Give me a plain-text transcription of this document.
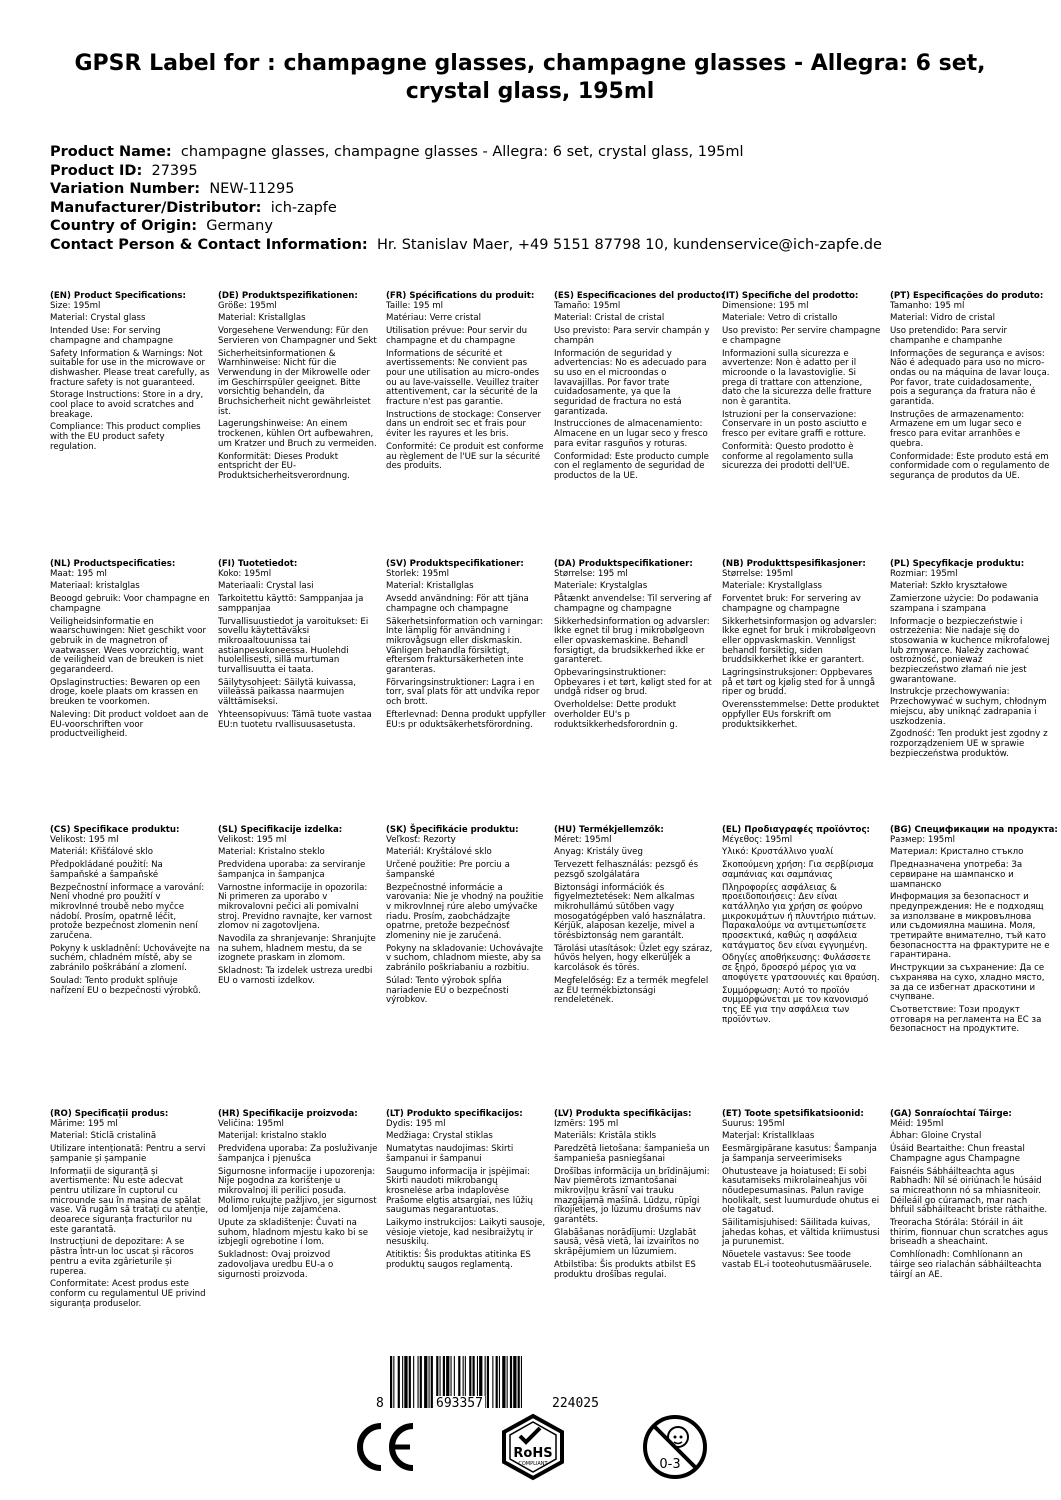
GPSR Label for : champagne glasses, champagne glasses - Allegra: 6 set, crystal glass, 195ml
Product Name: champagne glasses, champagne glasses - Allegra: 6 set, crystal glass, 195ml
Product ID: 27395
Variation Number: NEW-11295
Manufacturer/Distributor: ich-zapfe
Country of Origin: Germany
Contact Person & Contact Information: Hr. Stanislav Maer, +49 5151 87798 10, kundenservice@ich-zapfe.de
(EN) Product Specifications:
Size: 195ml
Material: Crystal glass
Intended Use: For serving champagne and champagne
Safety Information & Warnings: Not suitable for use in the microwave or dishwasher. Please treat carefully, as fracture safety is not guaranteed.
Storage Instructions: Store in a dry, cool place to avoid scratches and breakage.
Compliance: This product complies with the EU product safety regulation.
(DE) Produktspezifikationen:
Größe: 195ml
Material: Kristallglas
Vorgesehene Verwendung: Für den Servieren von Champagner und Sekt
Sicherheitsinformationen & Warnhinweise: Nicht für die Verwendung in der Mikrowelle oder im Geschirrspüler geeignet. Bitte vorsichtig behandeln, da Bruchsicherheit nicht gewährleistet ist.
Lagerungshinweise: An einem trockenen, kühlen Ort aufbewahren, um Kratzer und Bruch zu vermeiden.
Konformität: Dieses Produkt entspricht der EU-Produktsicherheitsverordnung.
(FR) Spécifications du produit:
Taille: 195 ml
Matériau: Verre cristal
Utilisation prévue: Pour servir du champagne et du champagne
Informations de sécurité et avertissements: Ne convient pas pour une utilisation au micro-ondes ou au lave-vaisselle. Veuillez traiter attentivement, car la sécurité de la fracture n'est pas garantie.
Instructions de stockage: Conserver dans un endroit sec et frais pour éviter les rayures et les bris.
Conformité: Ce produit est conforme au règlement de l'UE sur la sécurité des produits.
(ES) Especificaciones del producto:
Tamaño: 195ml
Material: Cristal de cristal
Uso previsto: Para servir champán y champán
Información de seguridad y advertencias: No es adecuado para su uso en el microondas o lavavajillas. Por favor trate cuidadosamente, ya que la seguridad de fractura no está garantizada.
Instrucciones de almacenamiento: Almacene en un lugar seco y fresco para evitar rasguños y roturas.
Conformidad: Este producto cumple con el reglamento de seguridad de productos de la UE.
(IT) Specifiche del prodotto:
Dimensione: 195 ml
Materiale: Vetro di cristallo
Uso previsto: Per servire champagne e champagne
Informazioni sulla sicurezza e avvertenze: Non è adatto per il microonde o la lavastoviglie. Si prega di trattare con attenzione, dato che la sicurezza delle fratture non è garantita.
Istruzioni per la conservazione: Conservare in un posto asciutto e fresco per evitare graffi e rotture.
Conformità: Questo prodotto è conforme al regolamento sulla sicurezza dei prodotti dell'UE.
(PT) Especificações do produto:
Tamanho: 195 ml
Material: Vidro de cristal
Uso pretendido: Para servir champanhe e champanhe
Informações de segurança e avisos: Não é adequado para uso no micro-ondas ou na máquina de lavar louça. Por favor, trate cuidadosamente, pois a segurança da fratura não é garantida.
Instruções de armazenamento: Armazene em um lugar seco e fresco para evitar arranhões e quebra.
Conformidade: Este produto está em conformidade com o regulamento de segurança de produtos da UE.
(NL) Productspecificaties:
Maat: 195 ml
Materiaal: kristalglas
Beoogd gebruik: Voor champagne en champagne
Veiligheidsinformatie en waarschuwingen: Niet geschikt voor gebruik in de magnetron of vaatwasser. Wees voorzichtig, want de veiligheid van de breuken is niet gegarandeerd.
Opslaginstructies: Bewaren op een droge, koele plaats om krassen en breuken te voorkomen.
Naleving: Dit product voldoet aan de EU-voorschriften voor productveiligheid.
(FI) Tuotetiedot:
Koko: 195ml
Materiaali: Crystal lasi
Tarkoitettu käyttö: Samppanjaa ja samppanjaa
Turvallisuustiedot ja varoitukset: Ei sovellu käytettäväksi mikroaaltouunissa tai astianpesukoneessa. Huolehdi huolellisesti, sillä murtuman turvallisuutta ei taata.
Säilytysohjeet: Säilytä kuivassa, viileässä paikassa naarmujen välttämiseksi.
Yhteensopivuus: Tämä tuote vastaa EU:n tuotetu rvallisuusasetusta.
(SV) Produktspecifikationer:
Storlek: 195ml
Material: Kristallglas
Avsedd användning: För att tjäna champagne och champagne
Säkerhetsinformation och varningar: Inte lämplig för användning i mikrovågsugn eller diskmaskin. Vänligen behandla försiktigt, eftersom fraktursäkerheten inte garanteras.
Förvaringsinstruktioner: Lagra i en torr, sval plats för att undvika repor och brott.
Efterlevnad: Denna produkt uppfyller EU:s pr oduktsäkerhetsförordning.
(DA) Produktspecifikationer:
Størrelse: 195 ml
Materiale: Krystalglas
Påtænkt anvendelse: Til servering af champagne og champagne
Sikkerhedsinformation og advarsler: Ikke egnet til brug i mikrobølgeovn eller opvaskemaskine. Behandl forsigtigt, da brudsikkerhed ikke er garanteret.
Opbevaringsinstruktioner: Opbevares i et tørt, køligt sted for at undgå ridser og brud.
Overholdelse: Dette produkt overholder EU's p roduktsikkerhedsforordnin g.
(NB) Produkttspesifikasjoner:
Størrelse: 195ml
Materiale: Krystallglass
Forventet bruk: For servering av champagne og champagne
Sikkerhetsinformasjon og advarsler: Ikke egnet for bruk i mikrobølgeovn eller oppvaskmaskin. Vennligst behandl forsiktig, siden bruddsikkerhet ikke er garantert.
Lagringsinstruksjoner: Oppbevares på et tørt og kjølig sted for å unngå riper og brudd.
Overensstemmelse: Dette produktet oppfyller EUs forskrift om produktsikkerhet.
(PL) Specyfikacje produktu:
Rozmiar: 195ml
Materiał: Szkło kryształowe
Zamierzone użycie: Do podawania szampana i szampana
Informacje o bezpieczeństwie i ostrzeżenia: Nie nadaje się do stosowania w kuchence mikrofalowej lub zmywarce. Należy zachować ostrożność, ponieważ bezpieczeństwo złamań nie jest gwarantowane.
Instrukcje przechowywania: Przechowywać w suchym, chłodnym miejscu, aby uniknąć zadrapania i uszkodzenia.
Zgodność: Ten produkt jest zgodny z rozporządzeniem UE w sprawie bezpieczeństwa produktów.
(CS) Specifikace produktu:
Velikost: 195 ml
Materiál: Křišťálové sklo
Předpokládané použití: Na šampaňské a šampaňské
Bezpečnostní informace a varování: Není vhodné pro použití v mikrovlnné troubě nebo myčce nádobí. Prosím, opatrně léčit, protože bezpečnost zlomenin není zaručena.
Pokyny k uskladnění: Uchovávejte na suchém, chladném místě, aby se zabránilo poškrábání a zlomení.
Soulad: Tento produkt splňuje nařízení EU o bezpečnosti výrobků.
(SL) Specifikacije izdelka:
Velikost: 195 ml
Material: Kristalno steklo
Predvidena uporaba: za serviranje šampanjca in šampanjca
Varnostne informacije in opozorila: Ni primeren za uporabo v mikrovalovni pečici ali pomivalni stroj. Previdno ravnajte, ker varnost zlomov ni zagotovljena.
Navodila za shranjevanje: Shranjujte na suhem, hladnem mestu, da se izognete praskam in zlomom.
Skladnost: Ta izdelek ustreza uredbi EU o varnosti izdelkov.
(SK) Špecifikácie produktu:
Veľkosť: Rezorty
Materiál: Kryštálové sklo
Určené použitie: Pre porciu a šampanské
Bezpečnostné informácie a varovania: Nie je vhodný na použitie v mikrovlnnej rúre alebo umývačke riadu. Prosím, zaobchádzajte opatrne, pretože bezpečnosť zlomeniny nie je zaručená.
Pokyny na skladovanie: Uchovávajte v suchom, chladnom mieste, aby sa zabránilo poškriabaniu a rozbitiu.
Súlad: Tento výrobok spĺňa nariadenie EÚ o bezpečnosti výrobkov.
(HU) Termékjellemzők:
Méret: 195ml
Anyag: Kristály üveg
Tervezett felhasználás: pezsgő és pezsgő szolgálatára
Biztonsági információk és figyelmeztetések: Nem alkalmas mikrohullámú sütőben vagy mosogatógépben való használatra. Kérjük, alaposan kezelje, mivel a törésbiztonság nem garantált.
Tárolási utasítások: Üzlet egy száraz, hűvös helyen, hogy elkerüljék a karcolások és törés.
Megfelelőség: Ez a termék megfelel az EU termékbiztonsági rendeletének.
(EL) Προδιαγραφές προϊόντος:
Μέγεθος: 195ml
Υλικό: Κρυστάλλινο γυαλί
Σκοπούμενη χρήση: Για σερβίρισμα σαμπάνιας και σαμπάνιας
Πληροφορίες ασφάλειας & προειδοποιήσεις: Δεν είναι κατάλληλο για χρήση σε φούρνο μικροκυμάτων ή πλυντήριο πιάτων. Παρακαλούμε να αντιμετωπίσετε προσεκτικά, καθώς η ασφάλεια κατάγματος δεν είναι εγγυημένη.
Οδηγίες αποθήκευσης: Φυλάσσετε σε ξηρό, δροσερό μέρος για να αποφύγετε γρατσουνιές και θραύση.
Συμμόρφωση: Αυτό το προϊόν συμμορφώνεται με τον κανονισμό της ΕΕ για την ασφάλεια των προϊόντων.
(BG) Спецификации на продукта:
Размер: 195ml
Материал: Кристално стъкло
Предназначена употреба: За сервиране на шампанско и шампанско
Информация за безопасност и предупреждения: Не е подходящ за използване в микровълнова или съдомиялна машина. Моля, третирайте внимателно, тъй като безопасността на фрактурите не е гарантирана.
Инструкции за съхранение: Да се съхранява на сухо, хладно място, за да се избегнат драскотини и счупване.
Съответствие: Този продукт отговаря на регламента на ЕС за безопасност на продуктите.
(RO) Specificații produs:
Mărime: 195 ml
Material: Sticlă cristalină
Utilizare intenționată: Pentru a servi șampanie și șampanie
Informații de siguranță și avertismente: Nu este adecvat pentru utilizare în cuptorul cu microunde sau în mașina de spălat vase. Vă rugăm să tratați cu atenție, deoarece siguranța fracturilor nu este garantată.
Instrucțiuni de depozitare: A se păstra într-un loc uscat și răcoros pentru a evita zgârieturile și ruperea.
Conformitate: Acest produs este conform cu regulamentul UE privind siguranța produselor.
(HR) Specifikacije proizvoda:
Veličina: 195ml
Materijal: kristalno staklo
Predviđena uporaba: Za posluživanje šampanjca i pjenušca
Sigurnosne informacije i upozorenja: Nije pogodna za korištenje u mikrovalnoj ili perilici posuđa. Molimo rukujte pažljivo, jer sigurnost od lomljenja nije zajamčena.
Upute za skladištenje: Čuvati na suhom, hladnom mjestu kako bi se izbjegli ogrebotine i lom.
Sukladnost: Ovaj proizvod zadovoljava uredbu EU-a o sigurnosti proizvoda.
(LT) Produkto specifikacijos:
Dydis: 195 ml
Medžiaga: Crystal stiklas
Numatytas naudojimas: Skirti šampanui ir šampanui
Saugumo informacija ir įspėjimai: Skirti naudoti mikrobangų krosnelėse arba indaplovėse Prašome elgtis atsargiai, nes lūžių saugumas negarantuotas.
Laikymo instrukcijos: Laikyti sausoje, vėsioje vietoje, kad nesibraižytų ir nesuskilų.
Atitiktis: Šis produktas atitinka ES produktų saugos reglamentą.
(LV) Produkta specifikācijas:
Izmērs: 195 ml
Materiāls: Kristāla stikls
Paredzētā lietošana: šampanieša un šampanieša pasniegšanai
Drošības informācija un brīdinājumi: Nav piemērots izmantošanai mikroviļņu krāsnī vai trauku mazgājamā mašīnā. Lūdzu, rūpīgi rīkojieties, jo lūzumu drošums nav garantēts.
Glabāšanas norādījumi: Uzglabāt sausā, vēsā vietā, lai izvairītos no skrāpējumiem un lūzumiem.
Atbilstība: Šis produkts atbilst ES produktu drošības regulai.
(ET) Toote spetsifikatsioonid:
Suurus: 195ml
Materjal: Kristallklaas
Eesmärgipärane kasutus: Šampanja ja šampanja serveerimiseks
Ohutusteave ja hoiatused: Ei sobi kasutamiseks mikrolaineahjus või nõudepesumasinas. Palun ravige hoolikalt, sest luumurdude ohutus ei ole tagatud.
Säilitamisjuhised: Säilitada kuivas, jahedas kohas, et vältida kriimustusi ja purunemist.
Nõuetele vastavus: See toode vastab EL-i tooteohutusmäärusele.
(GA) Sonraíochtaí Táirge:
Méid: 195ml
Ábhar: Gloine Crystal
Úsáid Beartaithe: Chun freastal Champagne agus Champagne
Faisnéis Sábháilteachta agus Rabhadh: Níl sé oiriúnach le húsáid sa micreathonn nó sa mhiasniteoir. Déileáil go cúramach, mar nach bhfuil sábháilteacht briste ráthaithe.
Treoracha Stórála: Stóráil in áit thirim, fionnuar chun scratches agus briseadh a sheachaint.
Comhlíonadh: Comhlíonann an táirge seo rialachán sábháilteachta táirgí an AE.
8	693357	224025
RoHS
COMPLIANT	0-3
